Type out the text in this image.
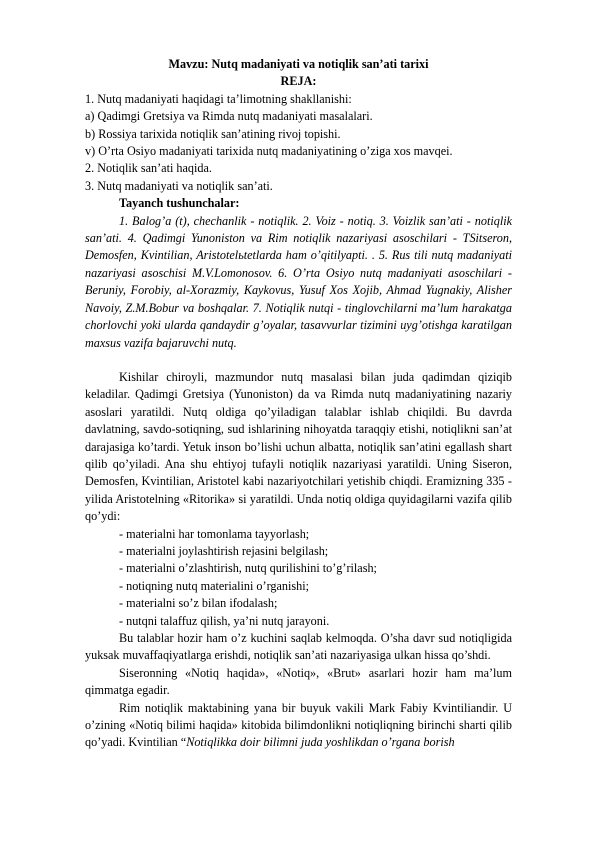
Mavzu: Nutq madaniyati va notiqlik san’ati tarixi

REJA:

1. Nutq madaniyati haqidagi ta’limotning shakllanishi:

a) Qadimgi Gretsiya va Rimda nutq madaniyati masalalari.

b) Rossiya tarixida notiqlik san’atining rivoj topishi.

v) O’rta Osiyo madaniyati tarixida nutq madaniyatining o’ziga xos mavqei.

2. Notiqlik san’ati haqida.

3. Nutq madaniyati va notiqlik san’ati.

Tayanch tushunchalar:

1. Balog’a (t), chechanlik - notiqlik. 2. Voiz - notiq. 3. Voizlik san’ati - notiqlik san’ati. 4. Qadimgi Yunoniston va Rim notiqlik nazariyasi asoschilari - TSitseron, Demosfen, Kvintilian, Aristotelьtetlarda ham o’qitilyapti. . 5. Rus tili nutq madaniyati nazariyasi asoschisi M.V.Lomonosov. 6. O’rta Osiyo nutq madaniyati asoschilari - Beruniy, Forobiy, al-Xorazmiy, Kaykovus, Yusuf Xos Xojib, Ahmad Yugnakiy, Alisher Navoiy, Z.M.Bobur va boshqalar. 7. Notiqlik nutqi - tinglovchilarni ma’lum harakatga chorlovchi yoki ularda qandaydir g’oyalar, tasavvurlar tizimini uyg’otishga karatilgan maxsus vazifa bajaruvchi nutq.

Kishilar chiroyli, mazmundor nutq masalasi bilan juda qadimdan qiziqib keladilar. Qadimgi Gretsiya (Yunoniston) da va Rimda nutq madaniyatining nazariy asoslari yaratildi. Nutq oldiga qo’yiladigan talablar ishlab chiqildi. Bu davrda davlatning, savdo-sotiqning, sud ishlarining nihoyatda taraqqiy etishi, notiqlikni san’at darajasiga ko’tardi. Yetuk inson bo’lishi uchun albatta, notiqlik san’atini egallash shart qilib qo’yiladi. Ana shu ehtiyoj tufayli notiqlik nazariyasi yaratildi. Uning Siseron, Demosfen, Kvintilian, Aristotel kabi nazariyotchilari yetishib chiqdi. Eramizning 335 -yilida Aristotelning «Ritorika» si yaratildi. Unda notiq oldiga quyidagilarni vazifa qilib qo’ydi:

- materialni har tomonlama tayyorlash;

- materialni joylashtirish rejasini belgilash;

- materialni o’zlashtirish, nutq qurilishini to’g’rilash;

- notiqning nutq materialini o’rganishi;

- materialni so’z bilan ifodalash;

- nutqni talaffuz qilish, ya’ni nutq jarayoni.

Bu talablar hozir ham o’z kuchini saqlab kelmoqda. O’sha davr sud notiqligida yuksak muvaffaqiyatlarga erishdi, notiqlik san’ati nazariyasiga ulkan hissa qo’shdi.

Siseronning «Notiq haqida», «Notiq», «Brut» asarlari hozir ham ma’lum qimmatga egadir.

Rim notiqlik maktabining yana bir buyuk vakili Mark Fabiy Kvintiliandir. U o’zining «Notiq bilimi haqida» kitobida bilimdonlikni notiqliqning birinchi sharti qilib qo’yadi. Kvintilian “Notiqlikka doir bilimni juda yoshlikdan o’rgana borish
